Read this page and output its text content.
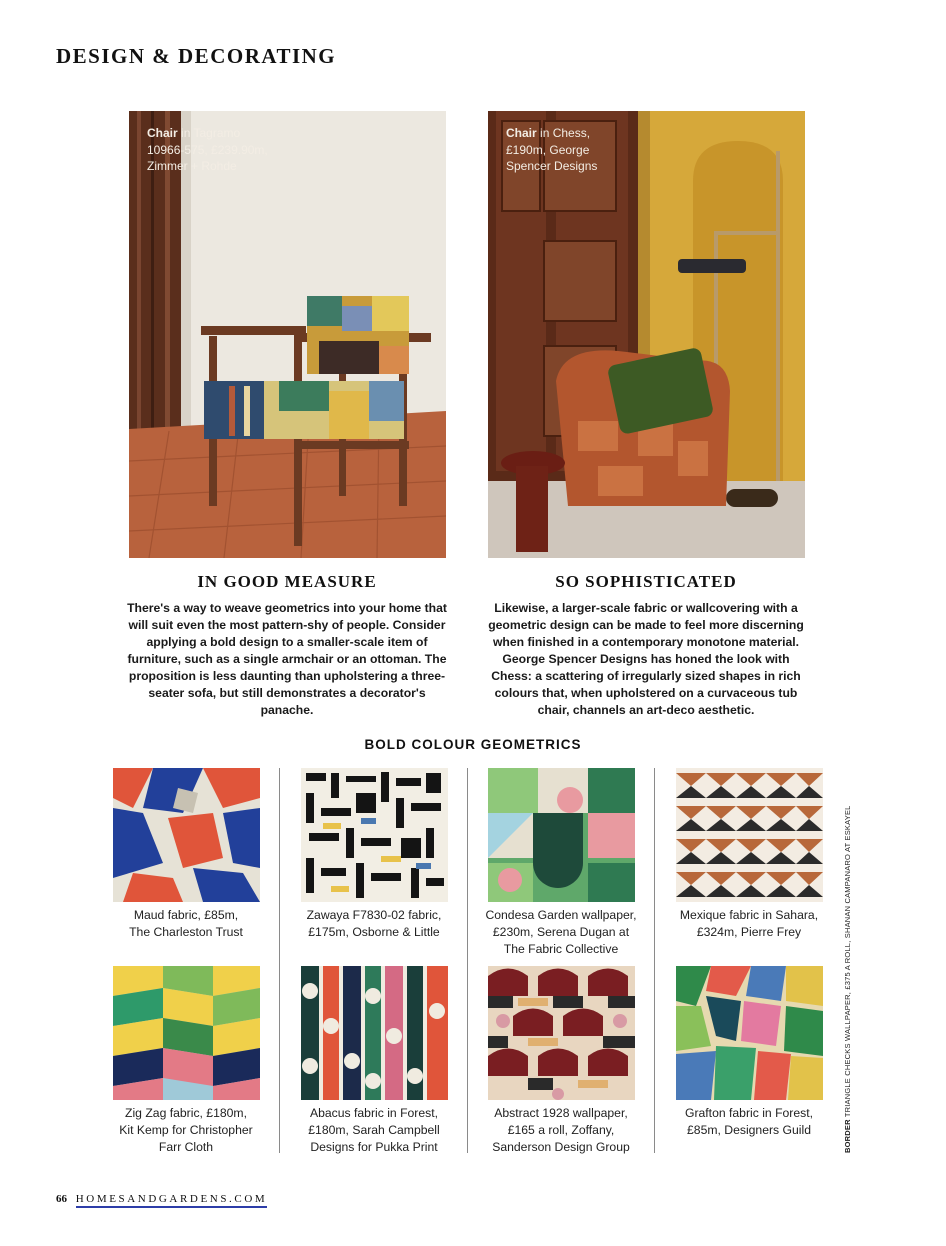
DESIGN & DECORATING
Chair in Tagramo
10966-575, £239.90m,
Zimmer + Rohde
Chair in Chess,
£190m, George
Spencer Designs
IN GOOD MEASURE
There's a way to weave geometrics into your home that will suit even the most pattern-shy of people. Consider applying a bold design to a smaller-scale item of furniture, such as a single armchair or an ottoman. The proposition is less daunting than upholstering a three-seater sofa, but still demonstrates a decorator's panache.
SO SOPHISTICATED
Likewise, a larger-scale fabric or wallcovering with a geometric design can be made to feel more discerning when finished in a contemporary monotone material. George Spencer Designs has honed the look with Chess: a scattering of irregularly sized shapes in rich colours that, when upholstered on a curvaceous tub chair, channels an art-deco aesthetic.
BOLD COLOUR GEOMETRICS
Maud fabric, £85m,
The Charleston Trust
Zawaya F7830-02 fabric,
£175m, Osborne & Little
Condesa Garden wallpaper,
£230m, Serena Dugan at
The Fabric Collective
Mexique fabric in Sahara,
£324m, Pierre Frey
Zig Zag fabric, £180m,
Kit Kemp for Christopher
Farr Cloth
Abacus fabric in Forest,
£180m, Sarah Campbell
Designs for Pukka Print
Abstract 1928 wallpaper,
£165 a roll, Zoffany,
Sanderson Design Group
Grafton fabric in Forest,
£85m, Designers Guild	BORDER TRIANGLE CHECKS WALLPAPER, £375 A ROLL, SHANAN CAMPANARO AT ESKAYEL
66 HOMESANDGARDENS.COM
